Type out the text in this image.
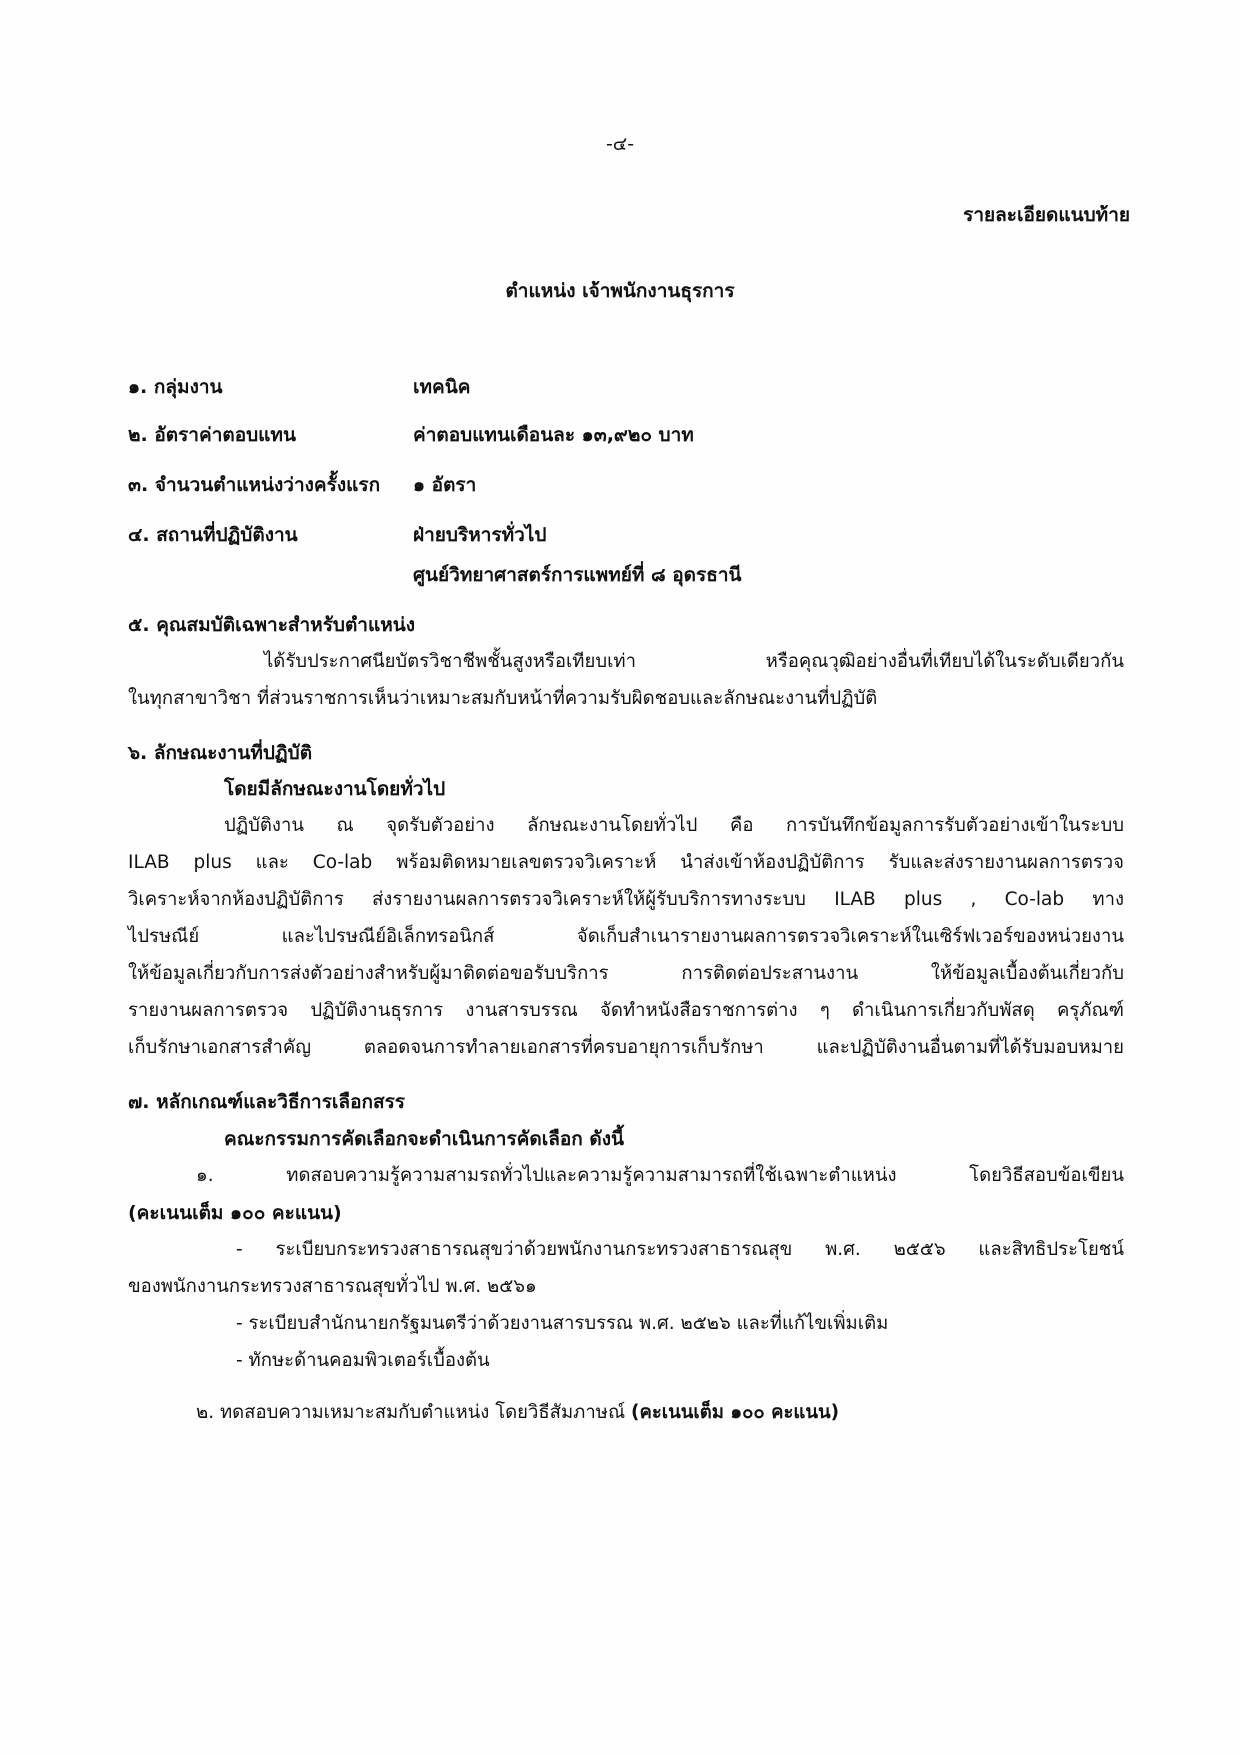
-๔-
รายละเอียดแนบท้าย
ตำแหน่ง เจ้าพนักงานธุรการ
๑. กลุ่มงาน	เทคนิค
๒. อัตราค่าตอบแทน	ค่าตอบแทนเดือนละ ๑๓,๙๒๐ บาท
๓. จำนวนตำแหน่งว่างครั้งแรก ๑ อัตรา
๔. สถานที่ปฏิบัติงาน	ฝ่ายบริหารทั่วไป
ศูนย์วิทยาศาสตร์การแพทย์ที่ ๘ อุดรธานี
๕. คุณสมบัติเฉพาะสำหรับตำแหน่ง
ได้รับประกาศนียบัตรวิชาชีพชั้นสูงหรือเทียบเท่า หรือคุณวุฒิอย่างอื่นที่เทียบได้ในระดับเดียวกัน
ในทุกสาขาวิชา ที่ส่วนราชการเห็นว่าเหมาะสมกับหน้าที่ความรับผิดชอบและลักษณะงานที่ปฏิบัติ
๖. ลักษณะงานที่ปฏิบัติ
โดยมีลักษณะงานโดยทั่วไป
ปฏิบัติงาน ณ จุดรับตัวอย่าง ลักษณะงานโดยทั่วไป คือ การบันทึกข้อมูลการรับตัวอย่างเข้าในระบบ
ILAB plus และ Co-lab พร้อมติดหมายเลขตรวจวิเคราะห์ นำส่งเข้าห้องปฏิบัติการ รับและส่งรายงานผลการตรวจ
วิเคราะห์จากห้องปฏิบัติการ ส่งรายงานผลการตรวจวิเคราะห์ให้ผู้รับบริการทางระบบ ILAB plus , Co-lab ทาง
ไปรษณีย์ และไปรษณีย์อิเล็กทรอนิกส์ จัดเก็บสำเนารายงานผลการตรวจวิเคราะห์ในเซิร์ฟเวอร์ของหน่วยงาน
ให้ข้อมูลเกี่ยวกับการส่งตัวอย่างสำหรับผู้มาติดต่อขอรับบริการ การติดต่อประสานงาน ให้ข้อมูลเบื้องต้นเกี่ยวกับ
รายงานผลการตรวจ ปฏิบัติงานธุรการ งานสารบรรณ จัดทำหนังสือราชการต่าง ๆ ดำเนินการเกี่ยวกับพัสดุ ครุภัณฑ์
เก็บรักษาเอกสารสำคัญ ตลอดจนการทำลายเอกสารที่ครบอายุการเก็บรักษา และปฏิบัติงานอื่นตามที่ได้รับมอบหมาย
๗. หลักเกณฑ์และวิธีการเลือกสรร
คณะกรรมการคัดเลือกจะดำเนินการคัดเลือก ดังนี้
๑. ทดสอบความรู้ความสามรถทั่วไปและความรู้ความสามารถที่ใช้เฉพาะตำแหน่ง โดยวิธีสอบข้อเขียน
(คะเนนเต็ม ๑๐๐ คะแนน)
- ระเบียบกระทรวงสาธารณสุขว่าด้วยพนักงานกระทรวงสาธารณสุข พ.ศ. ๒๕๕๖ และสิทธิประโยชน์
ของพนักงานกระทรวงสาธารณสุขทั่วไป พ.ศ. ๒๕๖๑
- ระเบียบสำนักนายกรัฐมนตรีว่าด้วยงานสารบรรณ พ.ศ. ๒๕๒๖ และที่แก้ไขเพิ่มเติม
- ทักษะด้านคอมพิวเตอร์เบื้องต้น
๒. ทดสอบความเหมาะสมกับตำแหน่ง โดยวิธีสัมภาษณ์ (คะเนนเต็ม ๑๐๐ คะแนน)
